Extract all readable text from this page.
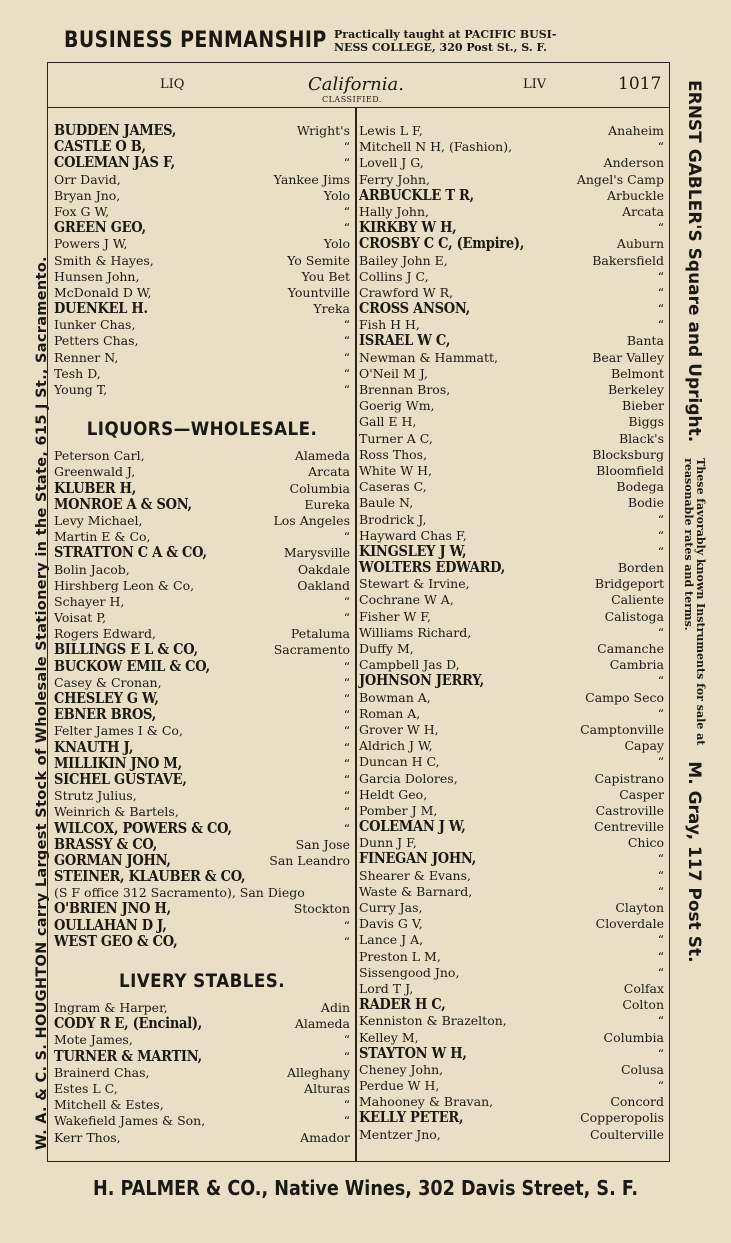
BUSINESS PENMANSHIP Practically taught at PACIFIC BUSI-
NESS COLLEGE, 320 Post St., S. F.
W. A. & C. S. HOUGHTON carry Largest Stock of Wholesale Stationery in the State, 615 J St., Sacramento.	ERNST GABLER'S Square and Upright. These favorably known Instruments for sale at
reasonable rates and terms. M. Gray, 117 Post St.
LIQ	California.
CLASSIFIED.
LIV	1017
BUDDEN JAMES,	Wright's
CASTLE O B,	“
COLEMAN JAS F,	“
Orr David,	Yankee Jims
Bryan Jno,	Yolo
Fox G W,	“
GREEN GEO,	“
Powers J W,	Yolo
Smith & Hayes,	Yo Semite
Hunsen John,	You Bet
McDonald D W,	Yountville
DUENKEL H.	Yreka
Iunker Chas,	“
Petters Chas,	“
Renner N,	“
Tesh D,	“
Young T,	“
LIQUORS—WHOLESALE.
Peterson Carl,	Alameda
Greenwald J,	Arcata
KLUBER H,	Columbia
MONROE A & SON,	Eureka
Levy Michael,	Los Angeles
Martin E & Co,	“
STRATTON C A & CO,	Marysville
Bolin Jacob,	Oakdale
Hirshberg Leon & Co,	Oakland
Schayer H,	“
Voisat P,	“
Rogers Edward,	Petaluma
BILLINGS E L & CO,	Sacramento
BUCKOW EMIL & CO,	“
Casey & Cronan,	“
CHESLEY G W,	“
EBNER BROS,	“
Felter James I & Co,	“
KNAUTH J,	“
MILLIKIN JNO M,	“
SICHEL GUSTAVE,	“
Strutz Julius,	“
Weinrich & Bartels,	“
WILCOX, POWERS & CO,	“
BRASSY & CO,	San Jose
GORMAN JOHN,	San Leandro
STEINER, KLAUBER & CO,
(S F office 312 Sacramento), San Diego
O'BRIEN JNO H,	Stockton
OULLAHAN D J,	“
WEST GEO & CO,	“
LIVERY STABLES.
Ingram & Harper,	Adin
CODY R E, (Encinal),	Alameda
Mote James,	“
TURNER & MARTIN,	“
Brainerd Chas,	Alleghany
Estes L C,	Alturas
Mitchell & Estes,	“
Wakefield James & Son,	“
Kerr Thos,	Amador
Lewis L F,	Anaheim
Mitchell N H, (Fashion),	“
Lovell J G,	Anderson
Ferry John,	Angel's Camp
ARBUCKLE T R,	Arbuckle
Hally John,	Arcata
KIRKBY W H,	“
CROSBY C C, (Empire),	Auburn
Bailey John E,	Bakersfield
Collins J C,	“
Crawford W R,	“
CROSS ANSON,	“
Fish H H,	“
ISRAEL W C,	Banta
Newman & Hammatt,	Bear Valley
O'Neil M J,	Belmont
Brennan Bros,	Berkeley
Goerig Wm,	Bieber
Gall E H,	Biggs
Turner A C,	Black's
Ross Thos,	Blocksburg
White W H,	Bloomfield
Caseras C,	Bodega
Baule N,	Bodie
Brodrick J,	“
Hayward Chas F,	“
KINGSLEY J W,	“
WOLTERS EDWARD,	Borden
Stewart & Irvine,	Bridgeport
Cochrane W A,	Caliente
Fisher W F,	Calistoga
Williams Richard,	“
Duffy M,	Camanche
Campbell Jas D,	Cambria
JOHNSON JERRY,	“
Bowman A,	Campo Seco
Roman A,	“
Grover W H,	Camptonville
Aldrich J W,	Capay
Duncan H C,	“
Garcia Dolores,	Capistrano
Heldt Geo,	Casper
Pomber J M,	Castroville
COLEMAN J W,	Centreville
Dunn J F,	Chico
FINEGAN JOHN,	“
Shearer & Evans,	“
Waste & Barnard,	“
Curry Jas,	Clayton
Davis G V,	Cloverdale
Lance J A,	“
Preston L M,	“
Sissengood Jno,	“
Lord T J,	Colfax
RADER H C,	Colton
Kenniston & Brazelton,	“
Kelley M,	Columbia
STAYTON W H,	“
Cheney John,	Colusa
Perdue W H,	“
Mahooney & Bravan,	Concord
KELLY PETER,	Copperopolis
Mentzer Jno,	Coulterville
H. PALMER & CO., Native Wines, 302 Davis Street, S. F.
